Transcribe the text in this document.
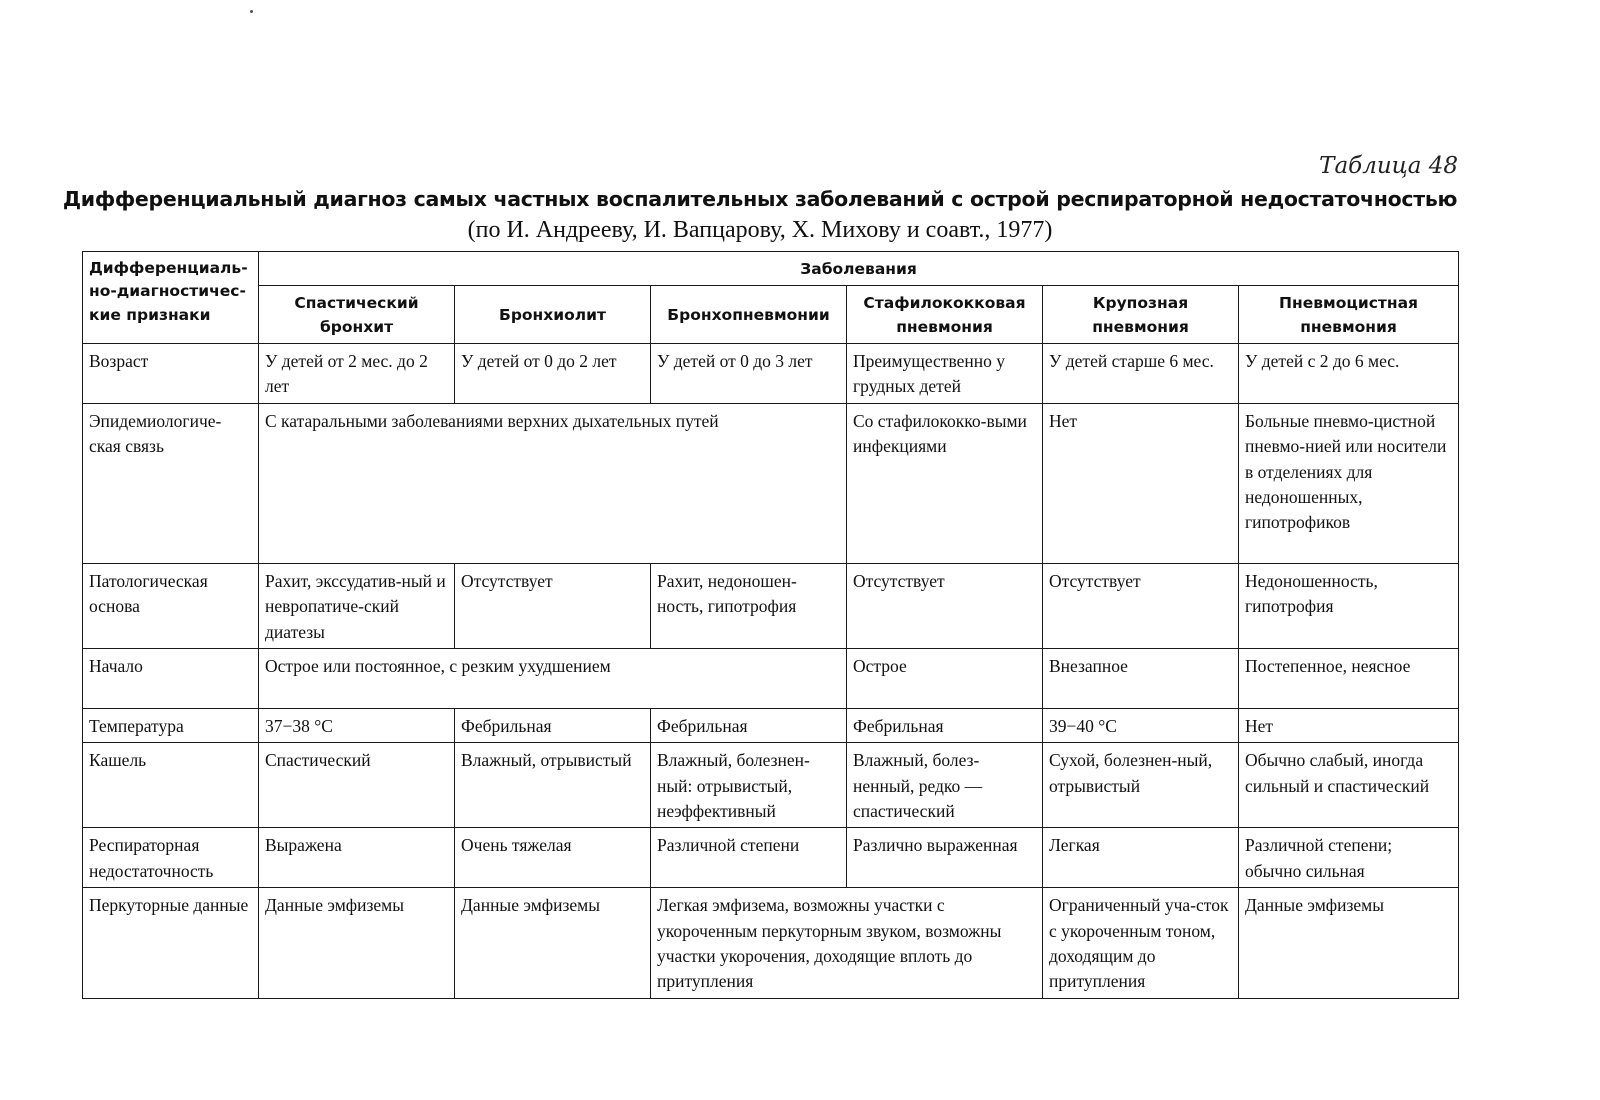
Таблица 48
Дифференциальный диагноз самых частных воспалительных заболеваний с острой респираторной недостаточностью
(по И. Андрееву, И. Вапцарову, Х. Михову и соавт., 1977)
Дифференциаль-но-диагностичес-кие признаки	Заболевания					
	Спастический бронхит	Бронхиолит	Бронхопневмонии	Стафилококковая пневмония	Крупозная пневмония	Пневмоцистная пневмония
Возраст	У детей от 2 мес. до 2 лет	У детей от 0 до 2 лет	У детей от 0 до 3 лет	Преимущественно у грудных детей	У детей старше 6 мес.	У детей с 2 до 6 мес.
Эпидемиологиче-ская связь	С катаральными заболеваниями верхних дыхательных путей			Со стафилококко-выми инфекциями	Нет	Больные пневмо-цистной пневмо-нией или носители в отделениях для недоношенных, гипотрофиков
Патологическая основа	Рахит, экссудатив-ный и невропатиче-ский диатезы	Отсутствует	Рахит, недоношен-ность, гипотрофия	Отсутствует	Отсутствует	Недоношенность, гипотрофия
Начало	Острое или постоянное, с резким ухудшением			Острое	Внезапное	Постепенное, неясное
Температура	37−38 °С	Фебрильная	Фебрильная	Фебрильная	39−40 °С	Нет
Кашель	Спастический	Влажный, отрывистый	Влажный, болезнен-ный: отрывистый, неэффективный	Влажный, болез-ненный, редко — спастический	Сухой, болезнен-ный, отрывистый	Обычно слабый, иногда сильный и спастический
Респираторная недостаточность	Выражена	Очень тяжелая	Различной степени	Различно выраженная	Легкая	Различной степени; обычно сильная
Перкуторные данные	Данные эмфиземы	Данные эмфиземы	Легкая эмфизема, возможны участки с укороченным перкуторным звуком, возможны участки укорочения, доходящие вплоть до притупления		Ограниченный уча-сток с укороченным тоном, доходящим до притупления	Данные эмфиземы
